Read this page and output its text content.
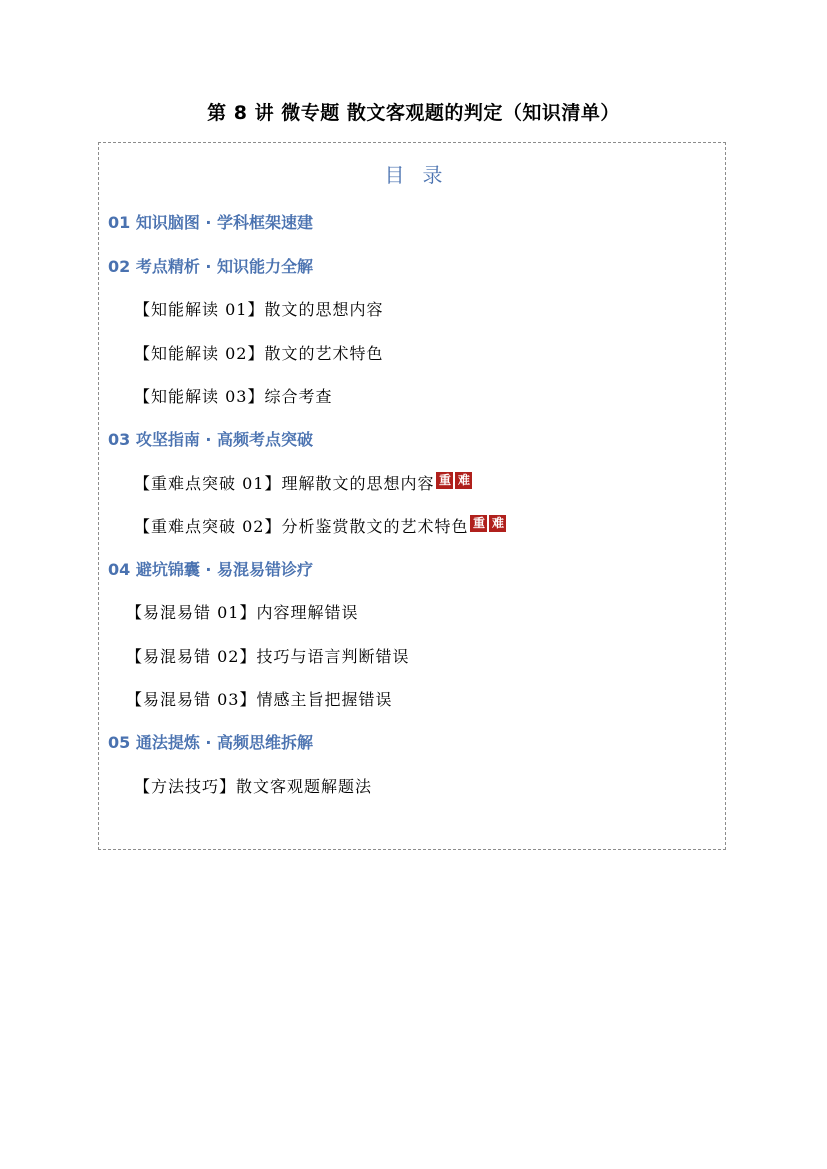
第 8 讲 微专题 散文客观题的判定（知识清单）
目录
01 知识脑图 · 学科框架速建
02 考点精析 · 知识能力全解
【知能解读 01】散文的思想内容
【知能解读 02】散文的艺术特色
【知能解读 03】综合考查
03 攻坚指南 · 高频考点突破
【重难点突破 01】理解散文的思想内容 重 难
【重难点突破 02】分析鉴赏散文的艺术特色 重 难
04 避坑锦囊 · 易混易错诊疗
【易混易错 01】内容理解错误
【易混易错 02】技巧与语言判断错误
【易混易错 03】情感主旨把握错误
05 通法提炼 · 高频思维拆解
【方法技巧】散文客观题解题法
